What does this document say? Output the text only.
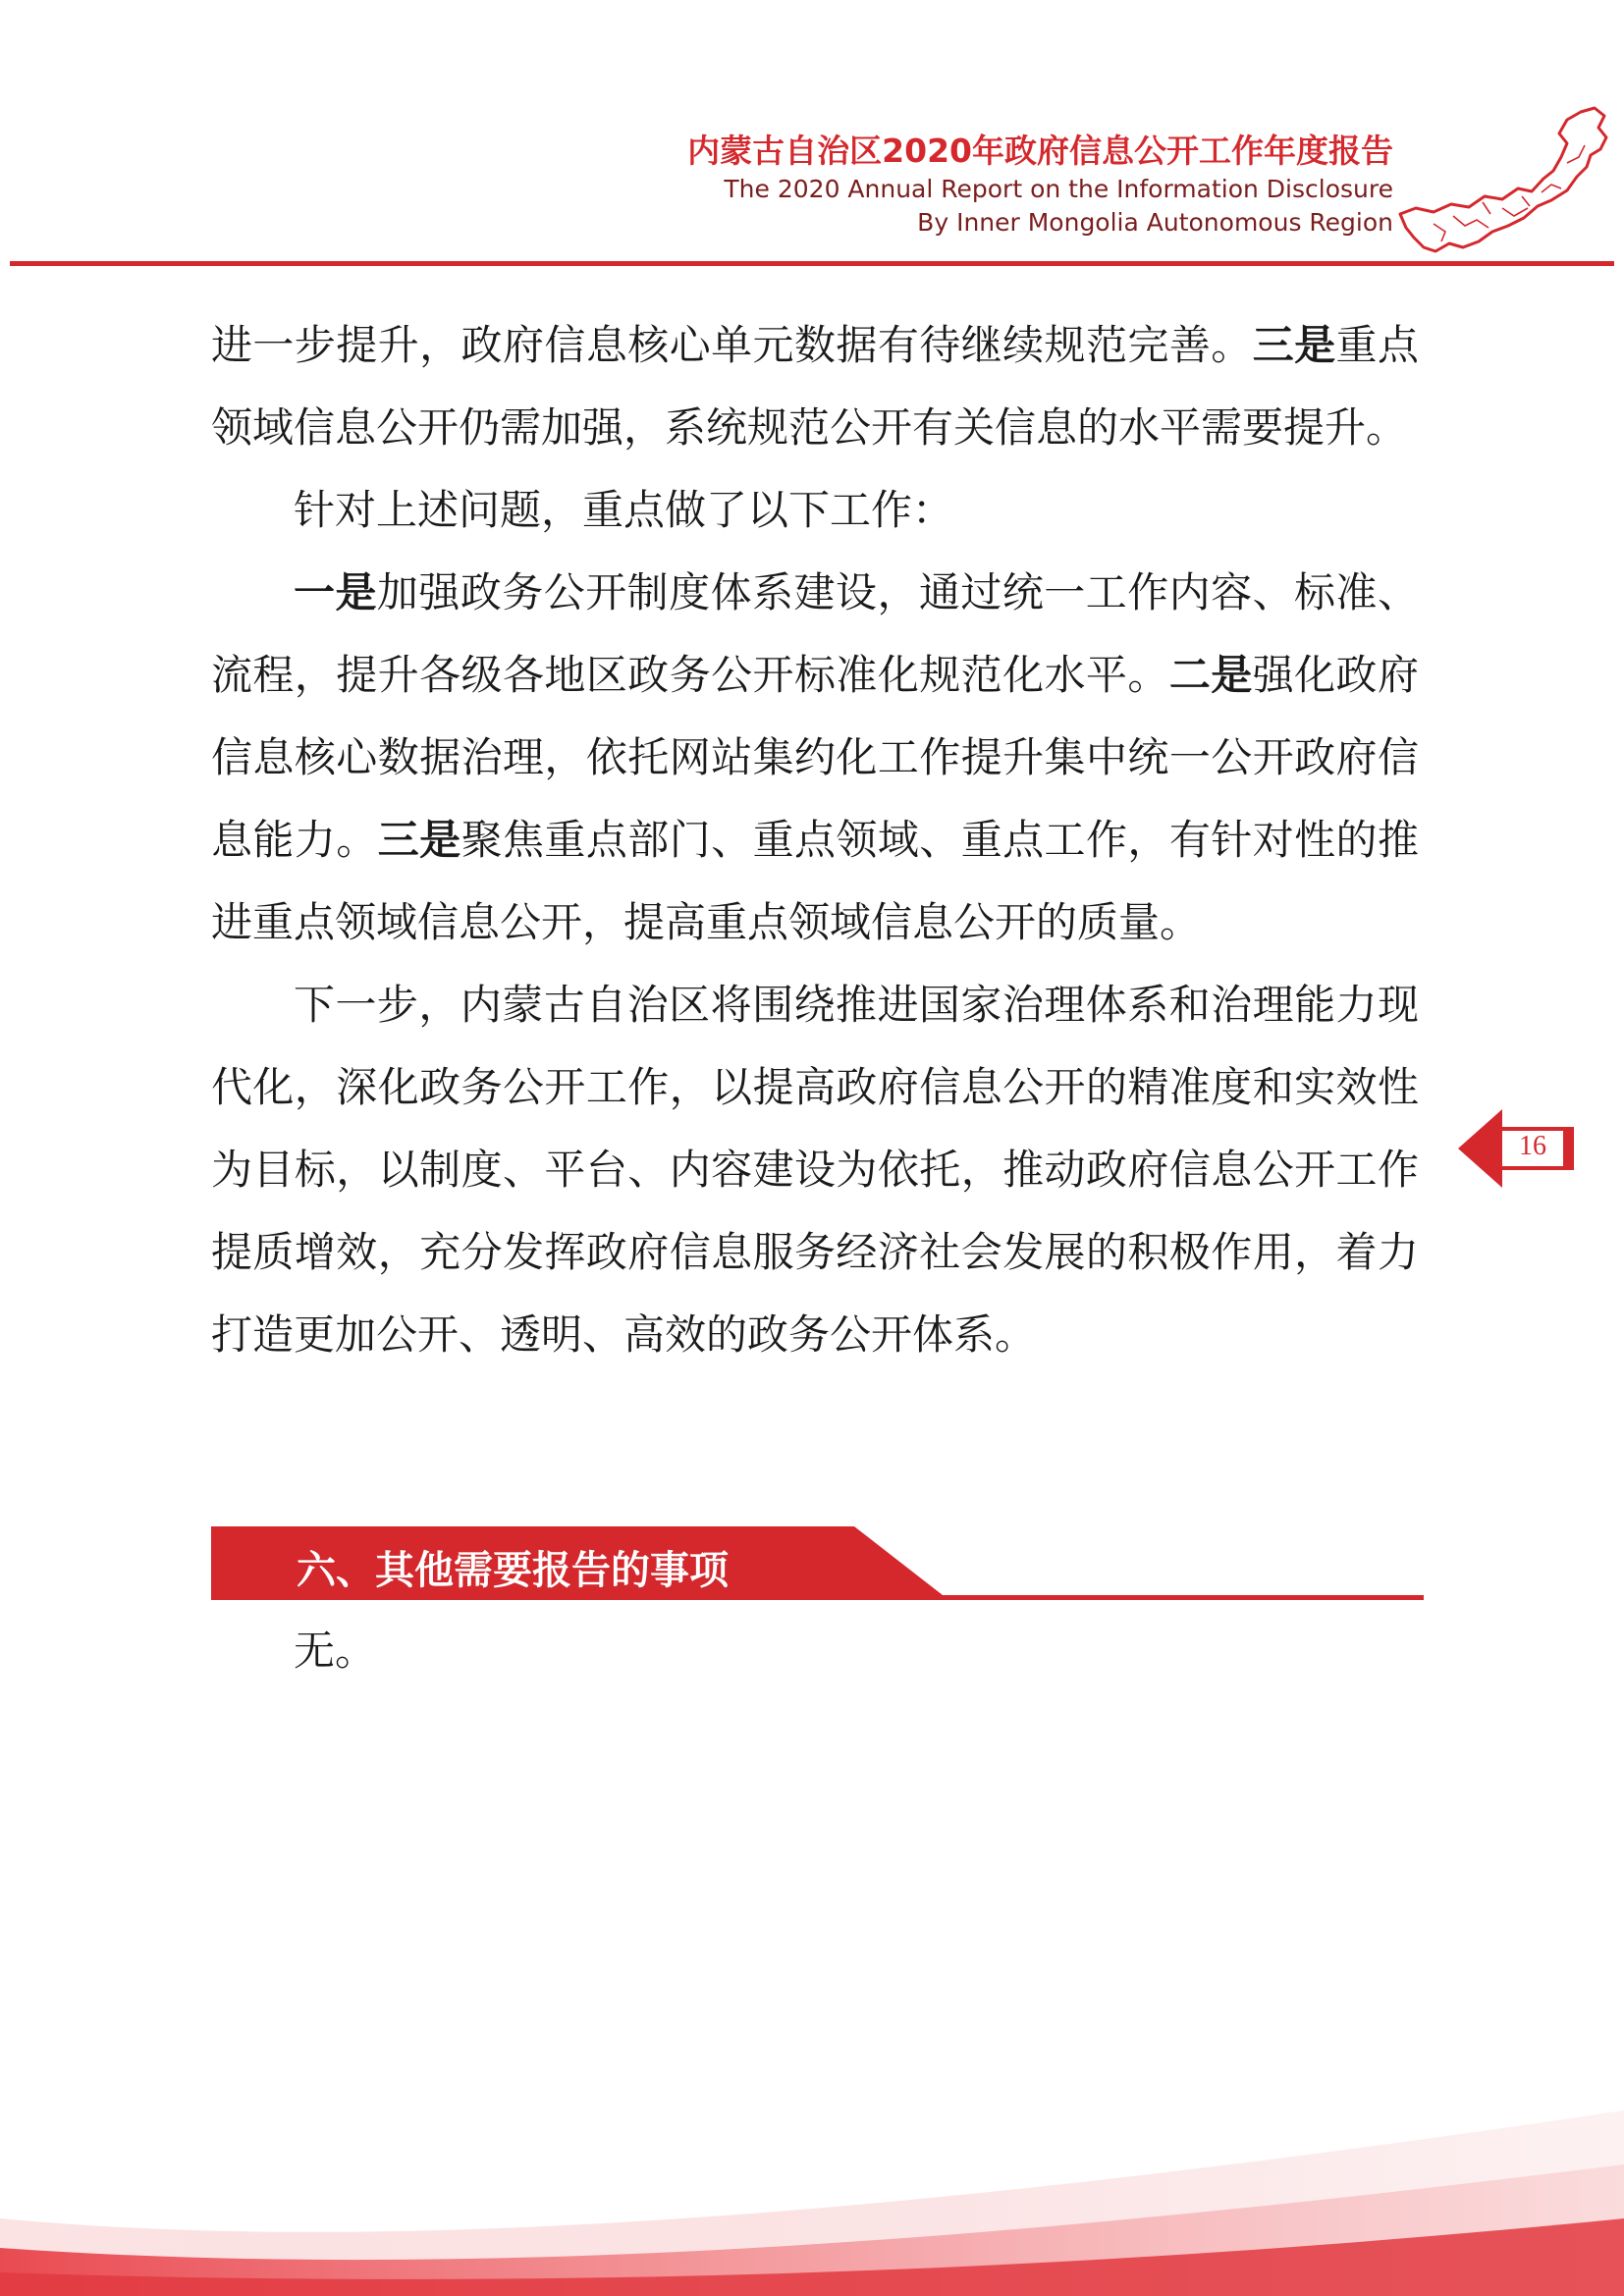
内蒙古自治区2020年政府信息公开工作年度报告
The 2020 Annual Report on the Information Disclosure
By Inner Mongolia Autonomous Region

进一步提升，政府信息核心单元数据有待继续规范完善。三是重点领域信息公开仍需加强，系统规范公开有关信息的水平需要提升。

针对上述问题，重点做了以下工作：

一是加强政务公开制度体系建设，通过统一工作内容、标准、流程，提升各级各地区政务公开标准化规范化水平。二是强化政府信息核心数据治理，依托网站集约化工作提升集中统一公开政府信息能力。三是聚焦重点部门、重点领域、重点工作，有针对性的推进重点领域信息公开，提高重点领域信息公开的质量。

下一步，内蒙古自治区将围绕推进国家治理体系和治理能力现代化，深化政务公开工作，以提高政府信息公开的精准度和实效性为目标，以制度、平台、内容建设为依托，推动政府信息公开工作提质增效，充分发挥政府信息服务经济社会发展的积极作用，着力打造更加公开、透明、高效的政务公开体系。

16
六、其他需要报告的事项

无。
